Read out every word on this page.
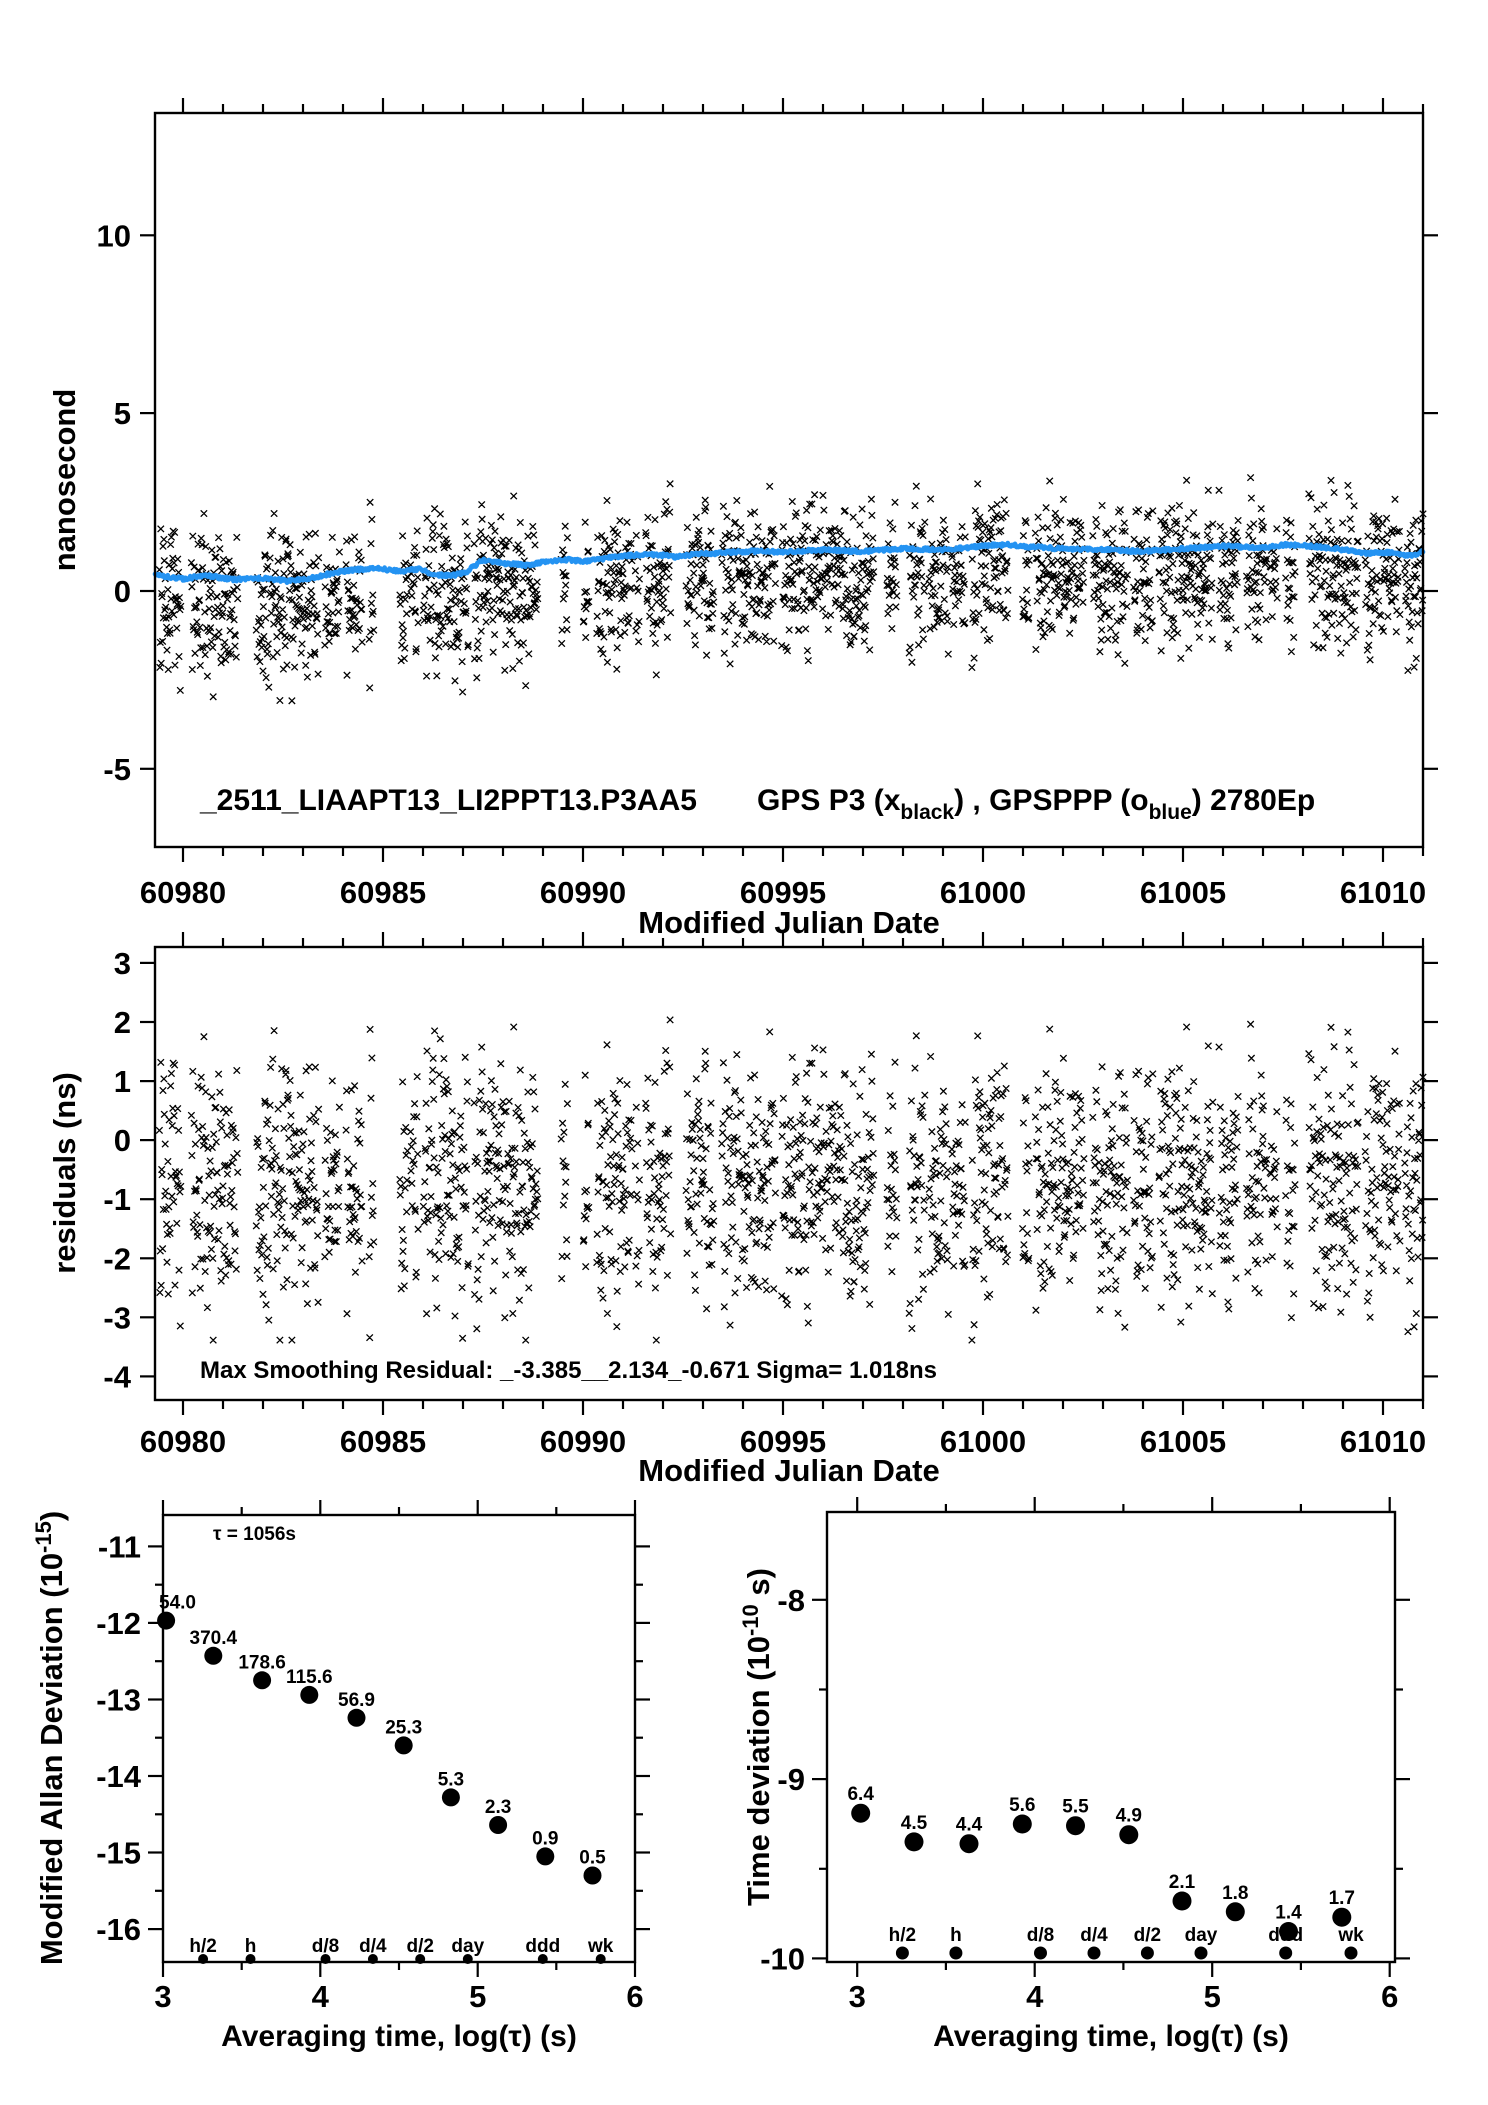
60980	60985	60990	60995	61000	61005	61010
10
5
0
-5
nanosecond
Modified Julian Date
_2511_LIAAPT13_LI2PPT13.P3AA5 GPS P3 $(x_{black})$ , GPSPPP $(o_{blue})$ 2780Ep
60980	60985	60990	60995	61000	61005	61010
3
2
1
0
-1
-2
-3
-4
residuals (ns)
Modified Julian Date
Max Smoothing Residual: _-3.385__2.134_-0.671 Sigma= 1.018ns
3	4	5	6
-16
-15
-14
-13
-12
-11
54.0
370.4
178.6
115.6
56.9
25.3
5.3
2.3
0.9
0.5
h/2 h	d/8 d/4 d/2 day ddd wk
Modified Allan Deviation $(10^{-15})$
Averaging time, log(τ) (s)
τ = 1056s
3	4	5	6
-10
-9
-8
6.4
4.5 4.4
5.6 5.5 4.9
2.1
1.8
1.4
1.7
h/2 h	d/8 d/4 d/2 day	ddd wk
Time deviation ($10^{-10}$ s)
Averaging time, log(τ) (s)
